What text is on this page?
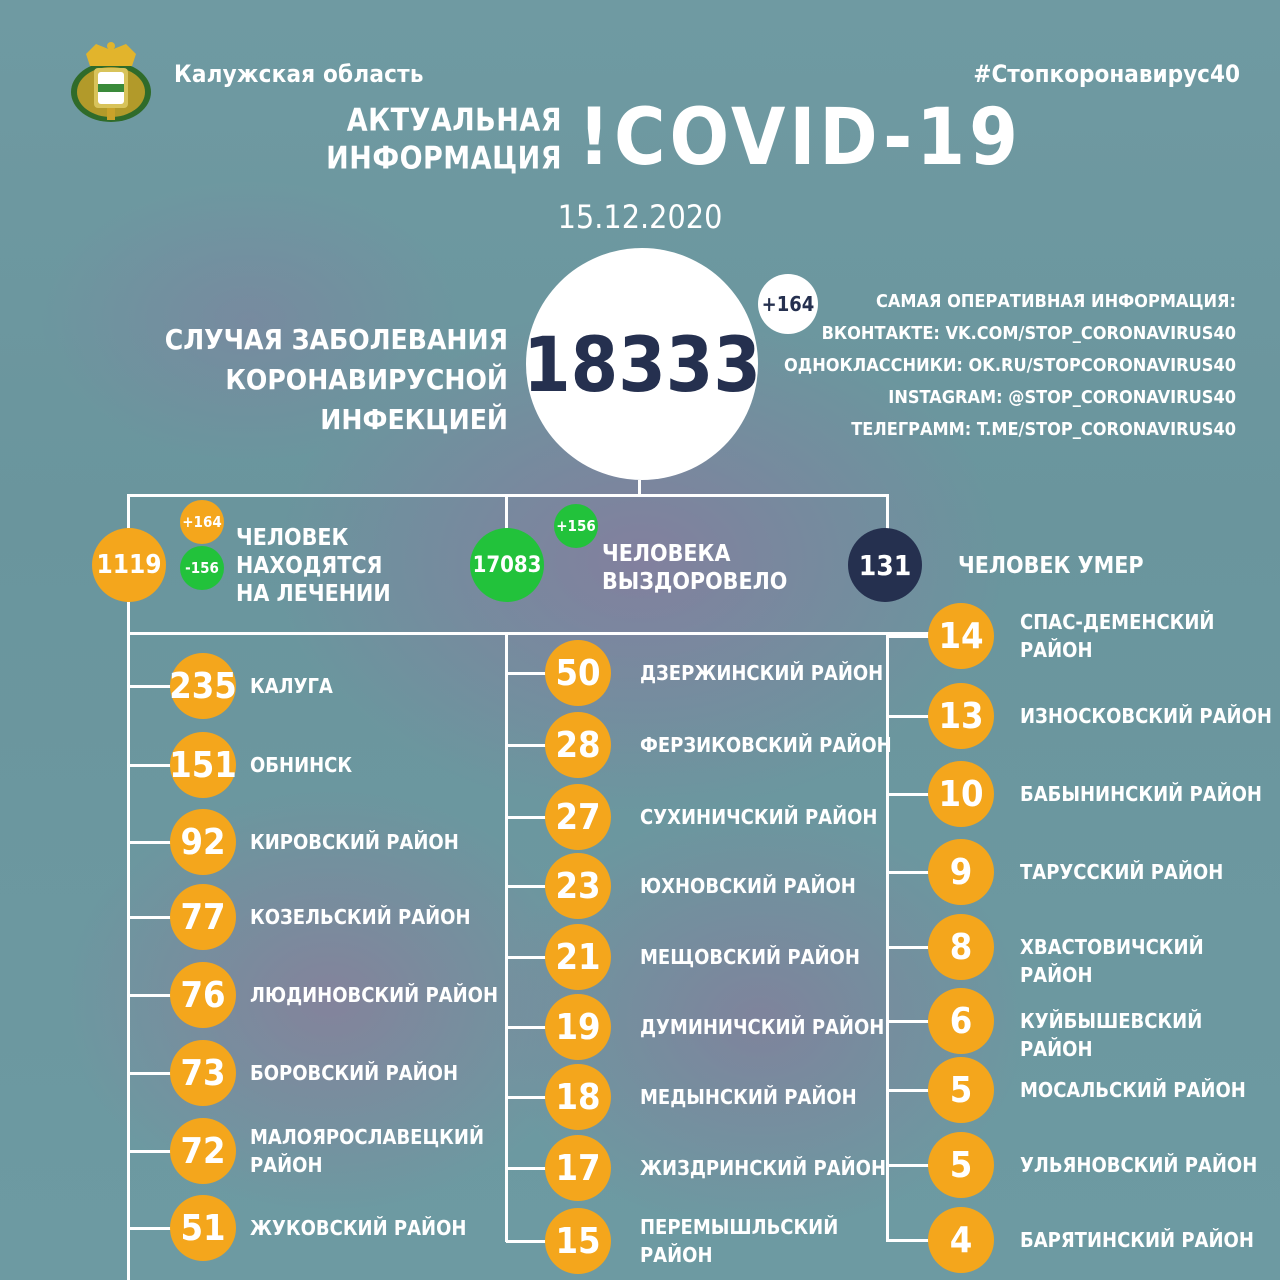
Калужская область	#Стопкоронавирус40
АКТУАЛЬНАЯ
ИНФОРМАЦИЯ !COVID-19
15.12.2020
СЛУЧАЯ ЗАБОЛЕВАНИЯ
КОРОНАВИРУСНОЙ ИНФЕКЦИЕЙ
18333
+164	САМАЯ ОПЕРАТИВНАЯ ИНФОРМАЦИЯ:
ВКОНТАКТЕ: VK.COM/STOP_CORONAVIRUS40
ОДНОКЛАССНИКИ: OK.RU/STOPCORONAVIRUS40
INSTAGRAM: @STOP_CORONAVIRUS40
ТЕЛЕГРАММ: T.ME/STOP_CORONAVIRUS40
1119
+164
-156
ЧЕЛОВЕК
НАХОДЯТСЯ
НА ЛЕЧЕНИИ
17083
+156
ЧЕЛОВЕКА
ВЫЗДОРОВЕЛО
131	ЧЕЛОВЕК УМЕР
235 КАЛУГА
151 ОБНИНСК
92	КИРОВСКИЙ РАЙОН
77	КОЗЕЛЬСКИЙ РАЙОН
76	ЛЮДИНОВСКИЙ РАЙОН
73	БОРОВСКИЙ РАЙОН
72	МАЛОЯРОСЛАВЕЦКИЙ
РАЙОН
51	ЖУКОВСКИЙ РАЙОН
50	ДЗЕРЖИНСКИЙ РАЙОН
28	ФЕРЗИКОВСКИЙ РАЙОН
27	СУХИНИЧСКИЙ РАЙОН
23	ЮХНОВСКИЙ РАЙОН
21	МЕЩОВСКИЙ РАЙОН
19	ДУМИНИЧСКИЙ РАЙОН
18	МЕДЫНСКИЙ РАЙОН
17	ЖИЗДРИНСКИЙ РАЙОН
15	ПЕРЕМЫШЛЬСКИЙ
РАЙОН
14	СПАС-ДЕМЕНСКИЙ
РАЙОН
13	ИЗНОСКОВСКИЙ РАЙОН
10	БАБЫНИНСКИЙ РАЙОН
9	ТАРУССКИЙ РАЙОН
8	ХВАСТОВИЧСКИЙ РАЙОН
6	КУЙБЫШЕВСКИЙ РАЙОН
5	МОСАЛЬСКИЙ РАЙОН
5	УЛЬЯНОВСКИЙ РАЙОН
4	БАРЯТИНСКИЙ РАЙОН
